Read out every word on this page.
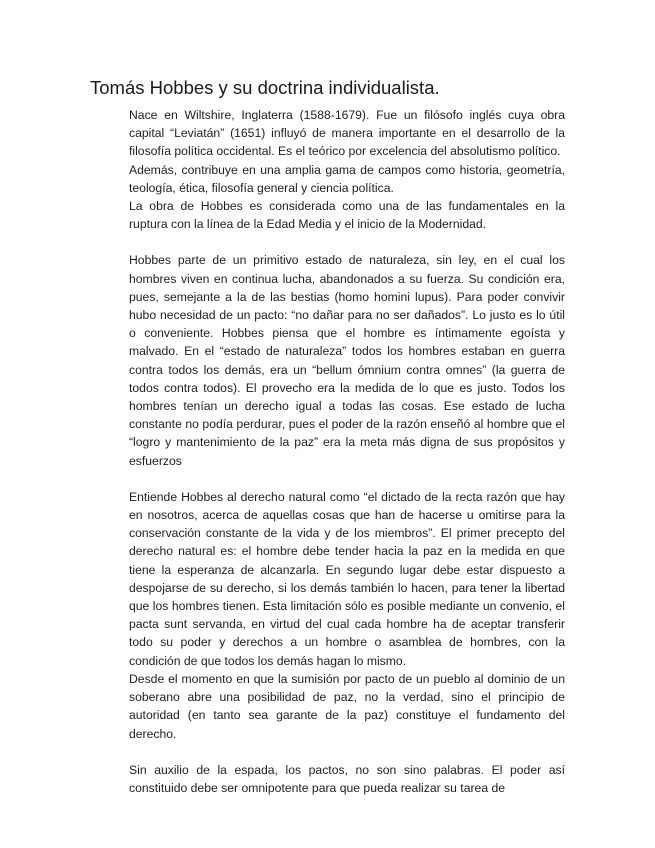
Tomás Hobbes y su doctrina individualista.

Nace en Wiltshire, Inglaterra (1588-1679). Fue un filósofo inglés cuya obra capital “Leviatán” (1651) influyó de manera importante en el desarrollo de la filosofía política occidental. Es el teórico por excelencia del absolutismo político.

Además, contribuye en una amplia gama de campos como historia, geometría, teología, ética, filosofía general y ciencia política.

La obra de Hobbes es considerada como una de las fundamentales en la ruptura con la línea de la Edad Media y el inicio de la Modernidad.

Hobbes parte de un primitivo estado de naturaleza, sin ley, en el cual los hombres viven en continua lucha, abandonados a su fuerza. Su condición era, pues, semejante a la de las bestias (homo homini lupus). Para poder convivir hubo necesidad de un pacto: “no dañar para no ser dañados”. Lo justo es lo útil o conveniente. Hobbes piensa que el hombre es íntimamente egoísta y malvado. En el “estado de naturaleza” todos los hombres estaban en guerra contra todos los demás, era un “bellum ómnium contra omnes” (la guerra de todos contra todos). El provecho era la medida de lo que es justo. Todos los hombres tenían un derecho igual a todas las cosas. Ese estado de lucha constante no podía perdurar, pues el poder de la razón enseñó al hombre que el “logro y mantenimiento de la paz” era la meta más digna de sus propósitos y esfuerzos

Entiende Hobbes al derecho natural como “el dictado de la recta razón que hay en nosotros, acerca de aquellas cosas que han de hacerse u omitirse para la conservación constante de la vida y de los miembros”. El primer precepto del derecho natural es: el hombre debe tender hacia la paz en la medida en que tiene la esperanza de alcanzarla. En segundo lugar debe estar dispuesto a despojarse de su derecho, si los demás también lo hacen, para tener la libertad que los hombres tienen. Esta limitación sólo es posible mediante un convenio, el pacta sunt servanda, en virtud del cual cada hombre ha de aceptar transferir todo su poder y derechos a un hombre o asamblea de hombres, con la condición de que todos los demás hagan lo mismo.

Desde el momento en que la sumisión por pacto de un pueblo al dominio de un soberano abre una posibilidad de paz, no la verdad, sino el principio de autoridad (en tanto sea garante de la paz) constituye el fundamento del derecho.

Sin auxilio de la espada, los pactos, no son sino palabras. El poder así constituido debe ser omnipotente para que pueda realizar su tarea de
